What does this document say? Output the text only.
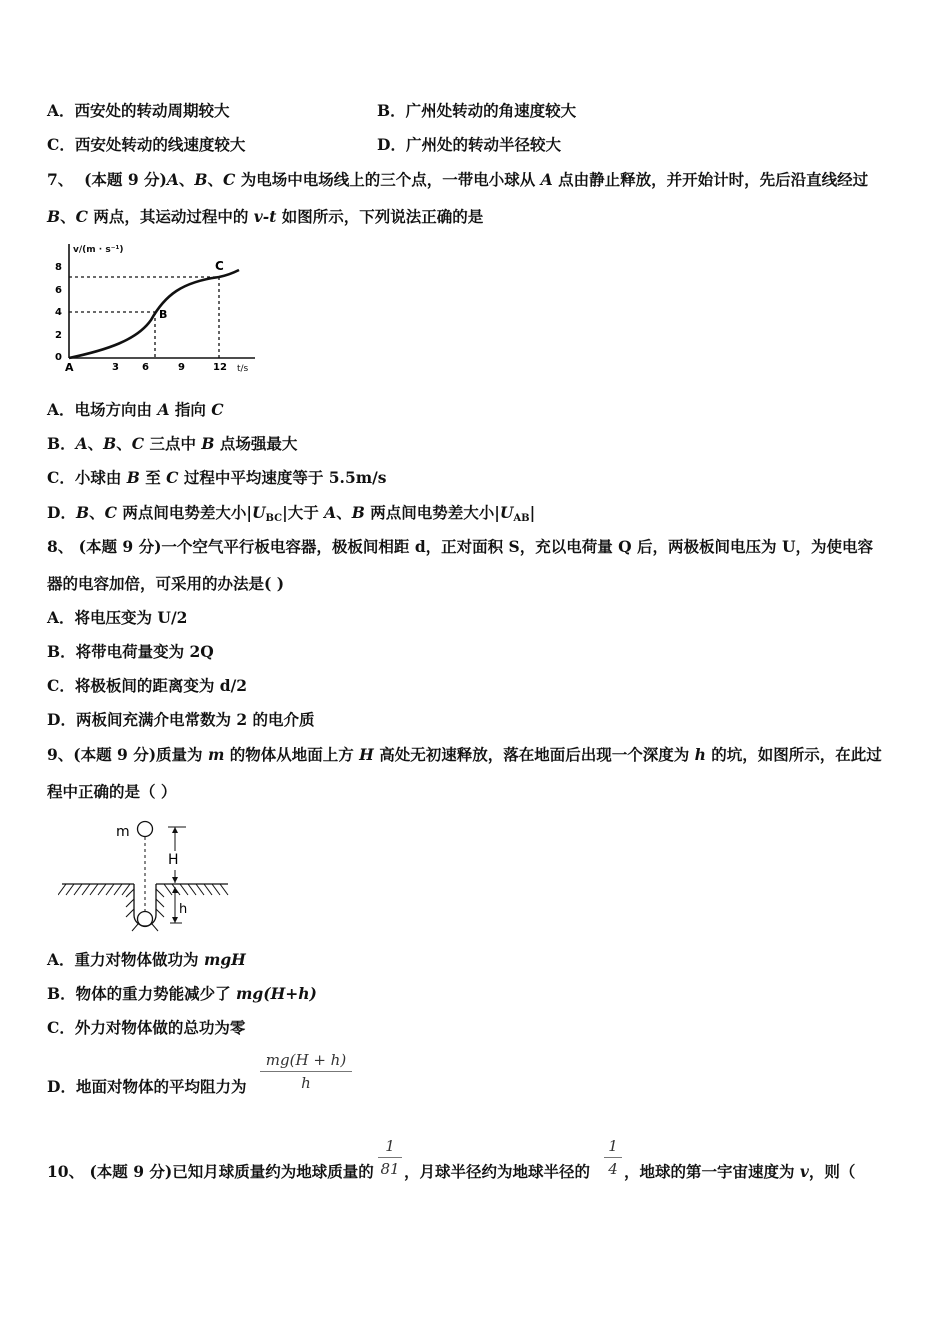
A．西安处的转动周期较大	B．广州处转动的角速度较大
C．西安处转动的线速度较大	D．广州处的转动半径较大
7、 (本题 9 分)A、B、C 为电场中电场线上的三个点，一带电小球从 A 点由静止释放，并开始计时，先后沿直线经过
B、C 两点，其运动过程中的 v-t 如图所示，下列说法正确的是
v/(m · s⁻¹)
t/s
8
6
4
2
0
3 6	9	12
A
B
C
A．电场方向由 A 指向 C
B．A、B、C 三点中 B 点场强最大
C．小球由 B 至 C 过程中平均速度等于 5.5m/s
D．B、C 两点间电势差大小$|U_{BC}|$大于 A、B 两点间电势差大小$|U_{AB}|$
8、 (本题 9 分)一个空气平行板电容器，极板间相距 d，正对面积 S，充以电荷量 Q 后，两极板间电压为 U，为使电容
器的电容加倍，可采用的办法是( )
A．将电压变为 U/2
B．将带电荷量变为 2Q
C．将极板间的距离变为 d/2
D．两板间充满介电常数为 2 的电介质
9、(本题 9 分)质量为 m 的物体从地面上方 H 高处无初速释放，落在地面后出现一个深度为 h 的坑，如图所示，在此过
程中正确的是（ ）
m
H
h
A．重力对物体做功为 mgH
B．物体的重力势能减少了 mg(H+h)
C．外力对物体做的总功为零
D．地面对物体的平均阻力为
mg(H + h)
h
10、 (本题 9 分)已知月球质量约为地球质量的
1
81 ，月球半径约为地球半径的
1
4 ，地球的第一宇宙速度为 v，则（
